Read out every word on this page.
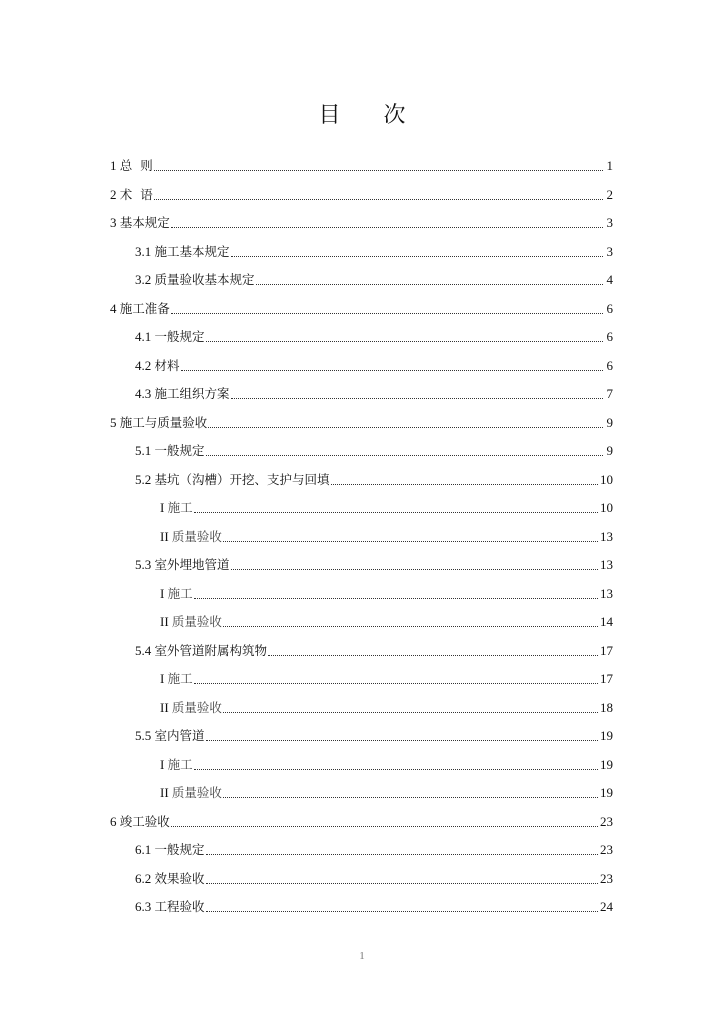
目 次
1 总  则	1
2 术  语	2
3 基本规定	3
3.1 施工基本规定	3
3.2 质量验收基本规定	4
4 施工准备	6
4.1 一般规定	6
4.2 材料	6
4.3 施工组织方案	7
5 施工与质量验收	9
5.1 一般规定	9
5.2 基坑（沟槽）开挖、支护与回填	10
I 施工	10
II 质量验收	13
5.3 室外埋地管道	13
I 施工	13
II 质量验收	14
5.4 室外管道附属构筑物	17
I 施工	17
II 质量验收	18
5.5 室内管道	19
I 施工	19
II 质量验收	19
6 竣工验收	23
6.1 一般规定	23
6.2 效果验收	23
6.3 工程验收	24
1
